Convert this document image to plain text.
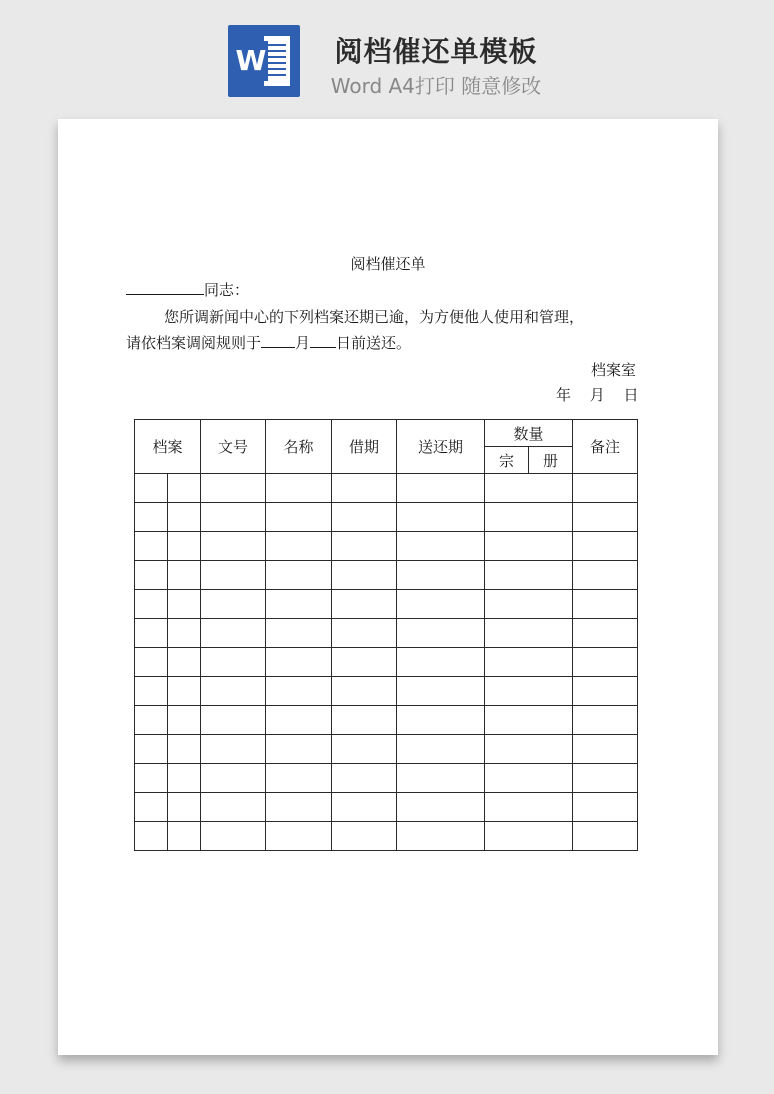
W	阅档催还单模板
Word A4打印 随意修改
阅档催还单
同志：
您所调新闻中心的下列档案还期已逾，为方便他人使用和管理，
请依档案调阅规则于 月 日前送还。
档案室
年 月 日
档案		文号	名称	借期	送还期	数量		备注
						宗	册	
